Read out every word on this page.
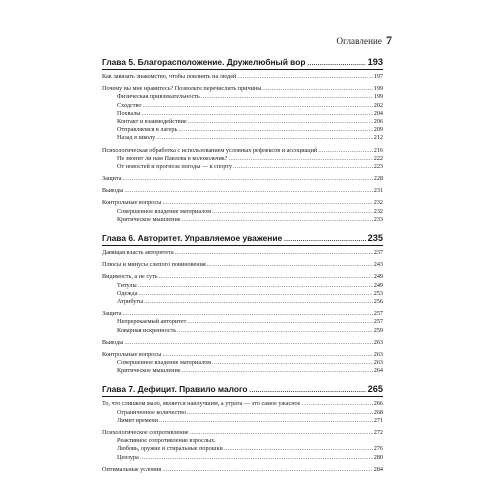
Оглавление 7
Глава 5. Благорасположение. Дружелюбный вор .....	193
Как завязать знакомство, чтобы повлиять на людей .....	197
Почему вы мне нравитесь? Позвольте перечислить причины .....	199
Физическая привлекательность .....	199
Сходство .....	202
Похвалы .....	204
Контакт и взаимодействие .....	206
Отправляемся в лагерь .....	209
Назад в школу .....	212
Психологическая обработка с использованием условных рефлексов и ассоциаций .....	216
Не звонит ли нам Павлова в колокольчик? .....	222
От новостей и прогноза погоды — к спорту .....	223
Защита .....	228
Выводы .....	231
Контрольные вопросы .....	232
Совершенное владение материалом .....	232
Критическое мышление .....	233
Глава 6. Авторитет. Управляемое уважение .....	235
Давящая власть авторитета .....	237
Плюсы и минусы слепого повиновения .....	243
Видимость, а не суть .....	249
Титулы .....	249
Одежда .....	253
Атрибуты .....	256
Защита .....	257
Непререкаемый авторитет .....	257
Коварная искренность .....	259
Выводы .....	263
Контрольные вопросы .....	263
Совершенное владение материалом .....	263
Критическое мышление .....	264
Глава 7. Дефицит. Правило малого .....	265
То, что слишком мало, является наилучшим, а утрата — это самое ужасное .....	266
Ограниченное количество .....	268
Лимит времени .....	271
Психологическое сопротивление .....	272
Реактивное сопротивление взрослых.
Любовь, оружие и стиральные порошки .....	276
Цензура .....	280
Оптимальные условия .....	284
